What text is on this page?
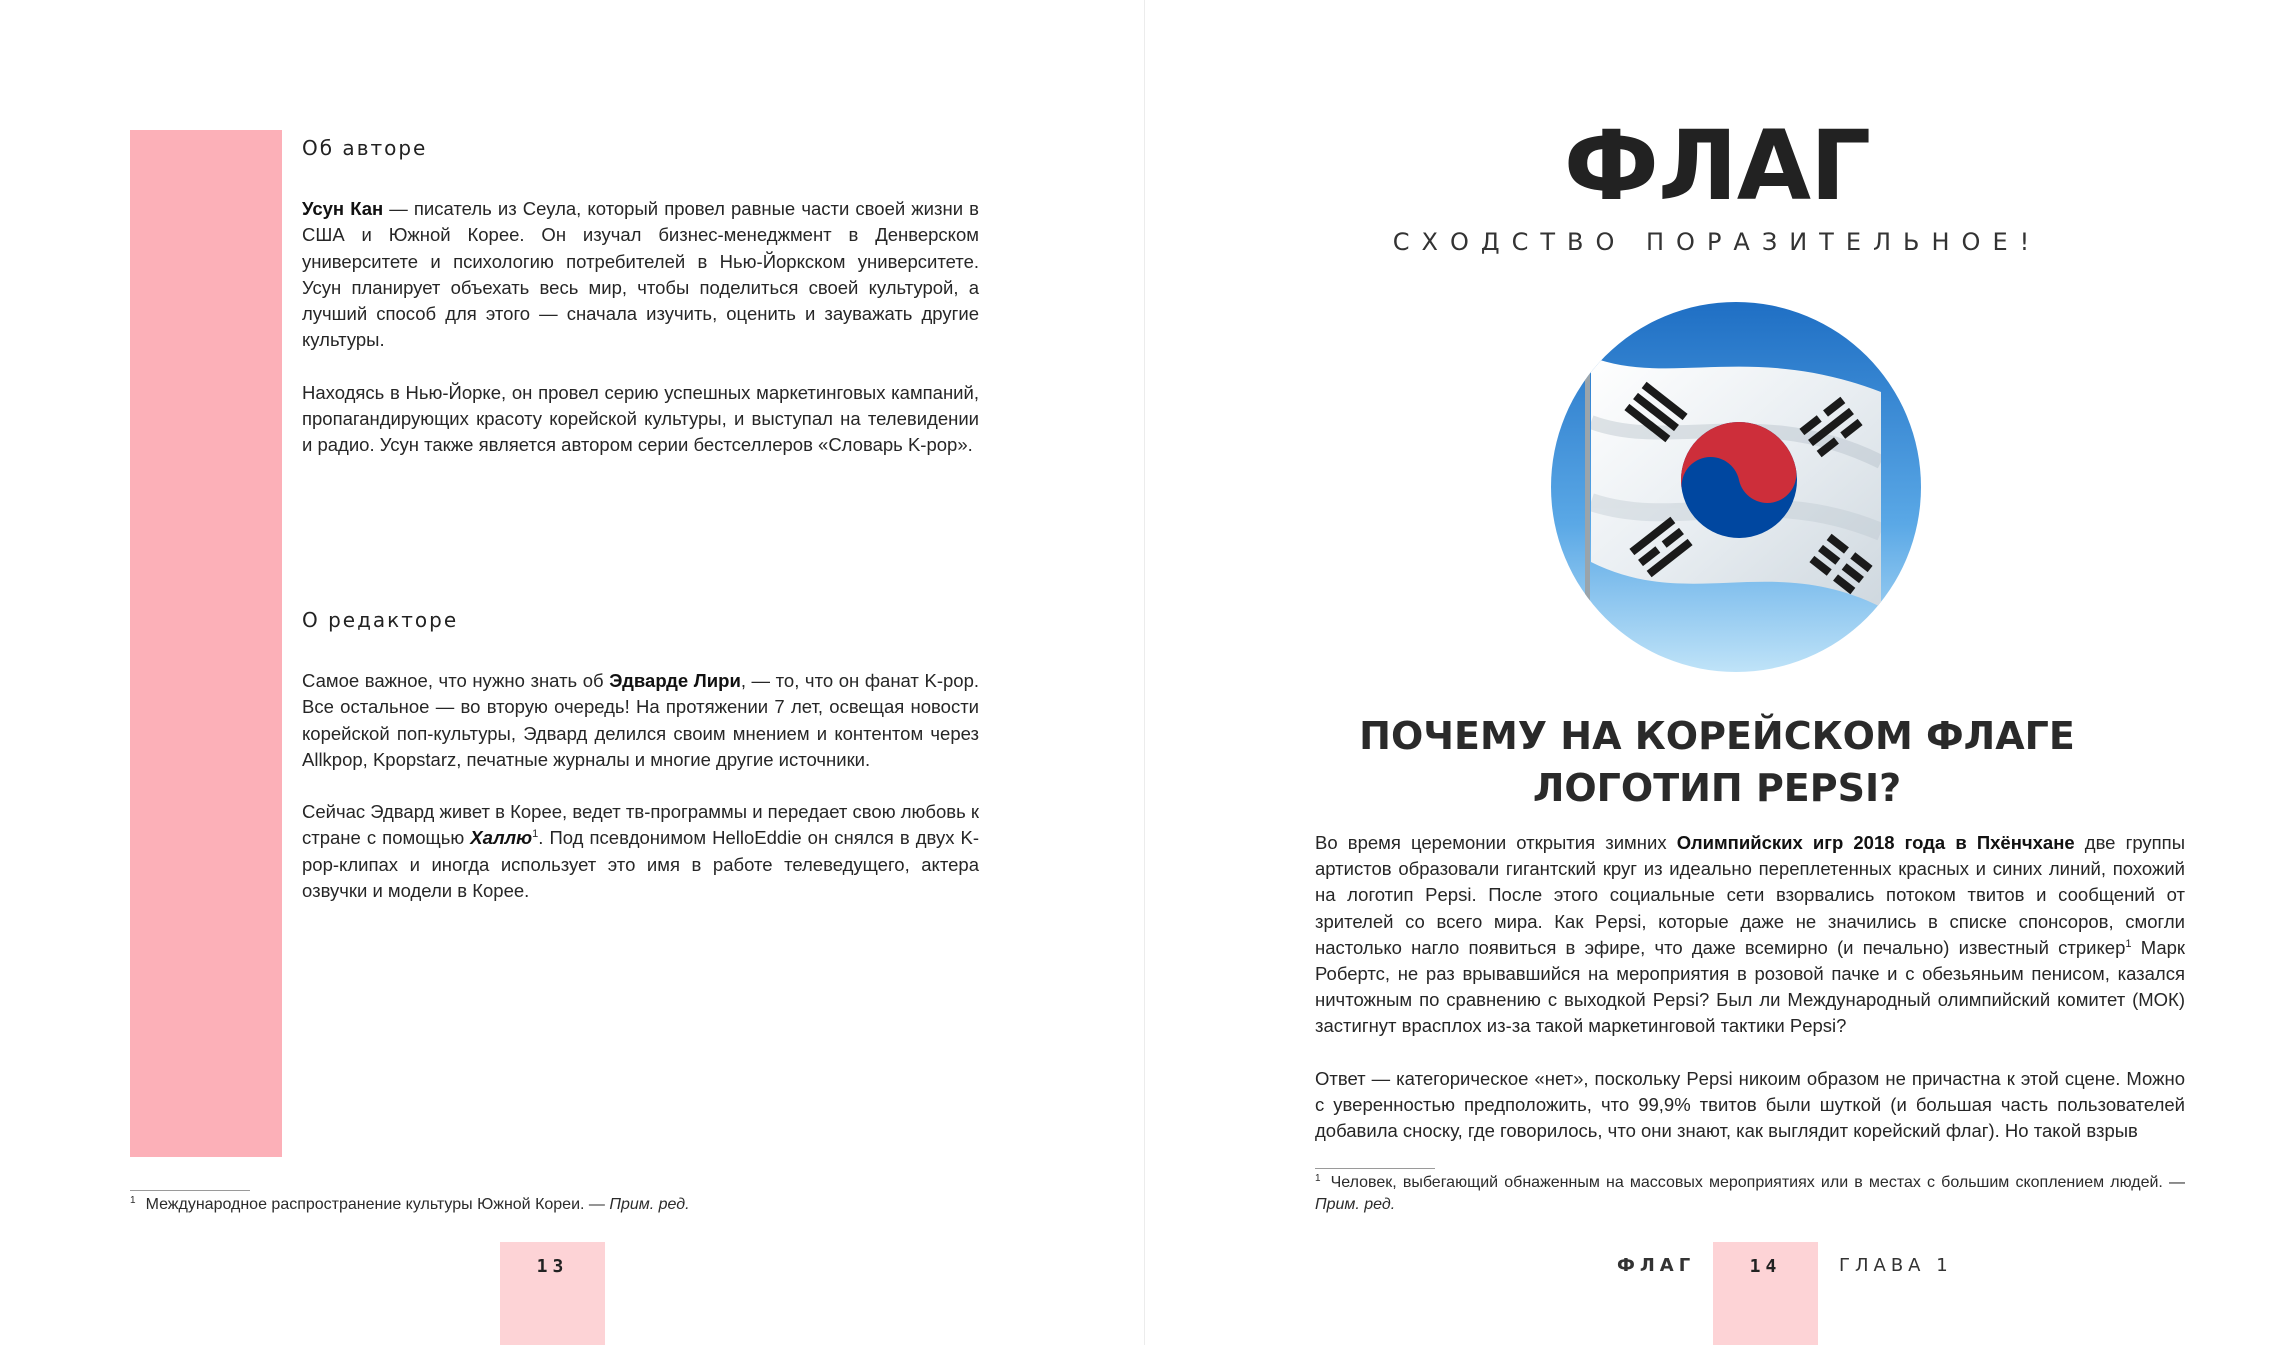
Об авторе

Усун Кан — писатель из Сеула, который провел равные части своей жизни в США и Южной Корее. Он изучал бизнес-менеджмент в Денверском университете и психологию потребителей в Нью-Йоркском университете. Усун планирует объехать весь мир, чтобы поделиться своей культурой, а лучший способ для этого — сначала изучить, оценить и зауважать другие культуры.

Находясь в Нью-Йорке, он провел серию успешных маркетинговых кампаний, пропагандирующих красоту корейской культуры, и выступал на телевидении и радио. Усун также является автором серии бестселлеров «Словарь K-pop».

О редакторе

Самое важное, что нужно знать об Эдварде Лири, — то, что он фанат K-pop. Все остальное — во вторую очередь! На протяжении 7 лет, освещая новости корейской поп-культуры, Эдвард делился своим мнением и контентом через Allkpop, Kpopstarz, печатные журналы и многие другие источники.

Сейчас Эдвард живет в Корее, ведет тв-программы и передает свою любовь к стране с помощью Халлю$^1$. Под псевдонимом HelloEddie он снялся в двух K-pop-клипах и иногда использует это имя в работе телеведущего, актера озвучки и модели в Корее.

$^1$ Международное распространение культуры Южной Кореи. — Прим. ред.
13
ФЛАГ
СХОДСТВО ПОРАЗИТЕЛЬНОЕ!
ПОЧЕМУ НА КОРЕЙСКОМ ФЛАГЕ
ЛОГОТИП PEPSI?

Во время церемонии открытия зимних Олимпийских игр 2018 года в Пхёнчхане две группы артистов образовали гигантский круг из идеально переплетенных красных и синих линий, похожий на логотип Pepsi. После этого социальные сети взорвались потоком твитов и сообщений от зрителей со всего мира. Как Pepsi, которые даже не значились в списке спонсоров, смогли настолько нагло появиться в эфире, что даже всемирно (и печально) известный стрикер$^1$ Марк Робертс, не раз врывавшийся на мероприятия в розовой пачке и с обезьяньим пенисом, казался ничтожным по сравнению с выходкой Pepsi? Был ли Международный олимпийский комитет (МОК) застигнут врасплох из-за такой маркетинговой тактики Pepsi?

Ответ — категорическое «нет», поскольку Pepsi никоим образом не причастна к этой сцене. Можно с уверенностью предположить, что 99,9% твитов были шуткой (и большая часть пользователей добавила сноску, где говорилось, что они знают, как выглядит корейский флаг). Но такой взрыв

$^1$ Человек, выбегающий обнаженным на массовых мероприятиях или в местах с большим скоплением людей. — Прим. ред.
ФЛАГ	14	ГЛАВА 1
